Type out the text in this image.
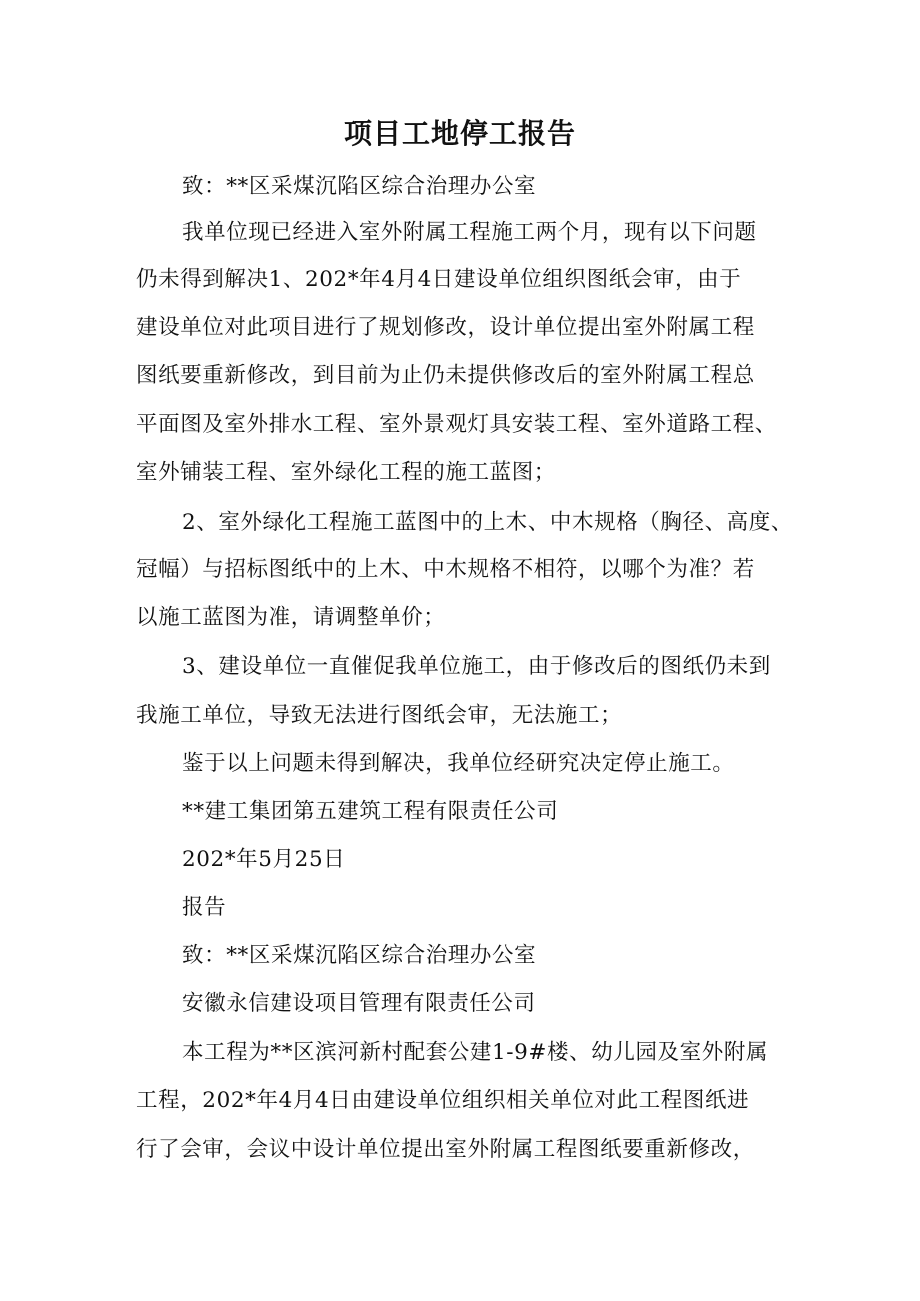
项目工地停工报告

致：**区采煤沉陷区综合治理办公室

我单位现已经进入室外附属工程施工两个月，现有以下问题

仍未得到解决1、202*年4月4日建设单位组织图纸会审，由于

建设单位对此项目进行了规划修改，设计单位提出室外附属工程

图纸要重新修改，到目前为止仍未提供修改后的室外附属工程总

平面图及室外排水工程、室外景观灯具安装工程、室外道路工程、

室外铺装工程、室外绿化工程的施工蓝图；

2、室外绿化工程施工蓝图中的上木、中木规格（胸径、高度、

冠幅）与招标图纸中的上木、中木规格不相符，以哪个为准？若

以施工蓝图为准，请调整单价；

3、建设单位一直催促我单位施工，由于修改后的图纸仍未到

我施工单位，导致无法进行图纸会审，无法施工；

鉴于以上问题未得到解决，我单位经研究决定停止施工。

**建工集团第五建筑工程有限责任公司

202*年5月25日

报告

致：**区采煤沉陷区综合治理办公室

安徽永信建设项目管理有限责任公司

本工程为**区滨河新村配套公建1-9#楼、幼儿园及室外附属

工程，202*年4月4日由建设单位组织相关单位对此工程图纸进

行了会审，会议中设计单位提出室外附属工程图纸要重新修改，
